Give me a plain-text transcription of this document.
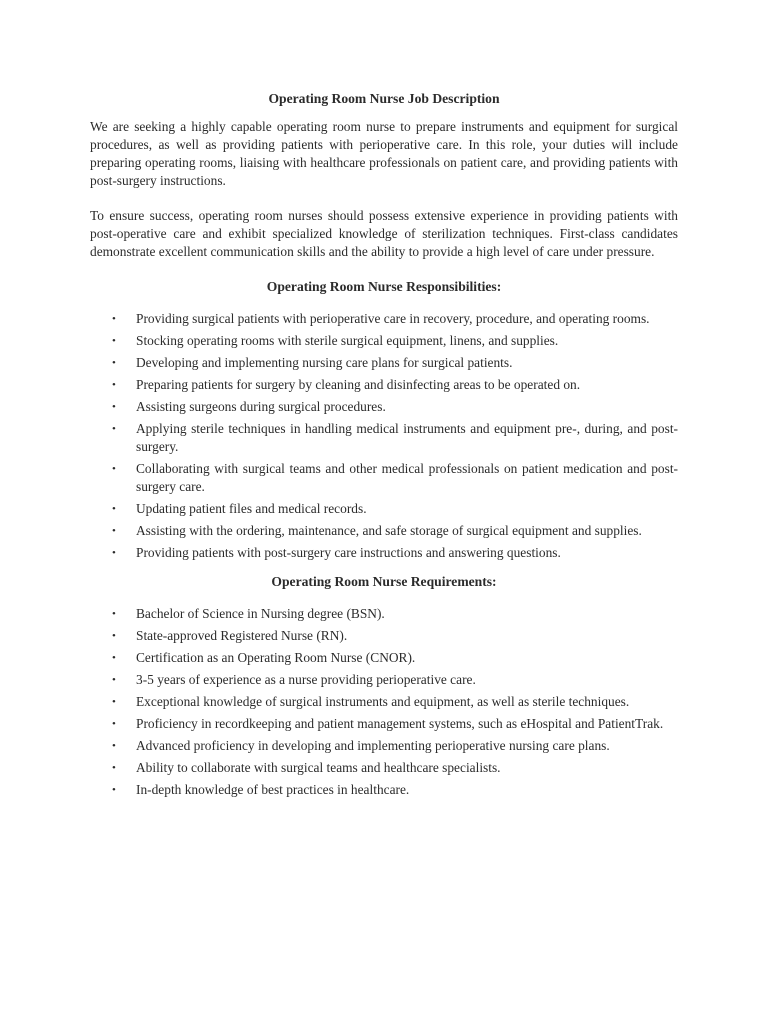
Operating Room Nurse Job Description

We are seeking a highly capable operating room nurse to prepare instruments and equipment for surgical procedures, as well as providing patients with perioperative care. In this role, your duties will include preparing operating rooms, liaising with healthcare professionals on patient care, and providing patients with post-surgery instructions.

To ensure success, operating room nurses should possess extensive experience in providing patients with post-operative care and exhibit specialized knowledge of sterilization techniques. First-class candidates demonstrate excellent communication skills and the ability to provide a high level of care under pressure.

Operating Room Nurse Responsibilities:
• Providing surgical patients with perioperative care in recovery, procedure, and operating rooms.
• Stocking operating rooms with sterile surgical equipment, linens, and supplies.
• Developing and implementing nursing care plans for surgical patients.
• Preparing patients for surgery by cleaning and disinfecting areas to be operated on.
• Assisting surgeons during surgical procedures.
• Applying sterile techniques in handling medical instruments and equipment pre-, during, and post-surgery.
• Collaborating with surgical teams and other medical professionals on patient medication and post-surgery care.
• Updating patient files and medical records.
• Assisting with the ordering, maintenance, and safe storage of surgical equipment and supplies.
• Providing patients with post-surgery care instructions and answering questions.
Operating Room Nurse Requirements:
• Bachelor of Science in Nursing degree (BSN).
• State-approved Registered Nurse (RN).
• Certification as an Operating Room Nurse (CNOR).
• 3-5 years of experience as a nurse providing perioperative care.
• Exceptional knowledge of surgical instruments and equipment, as well as sterile techniques.
• Proficiency in recordkeeping and patient management systems, such as eHospital and PatientTrak.
• Advanced proficiency in developing and implementing perioperative nursing care plans.
• Ability to collaborate with surgical teams and healthcare specialists.
• In-depth knowledge of best practices in healthcare.
